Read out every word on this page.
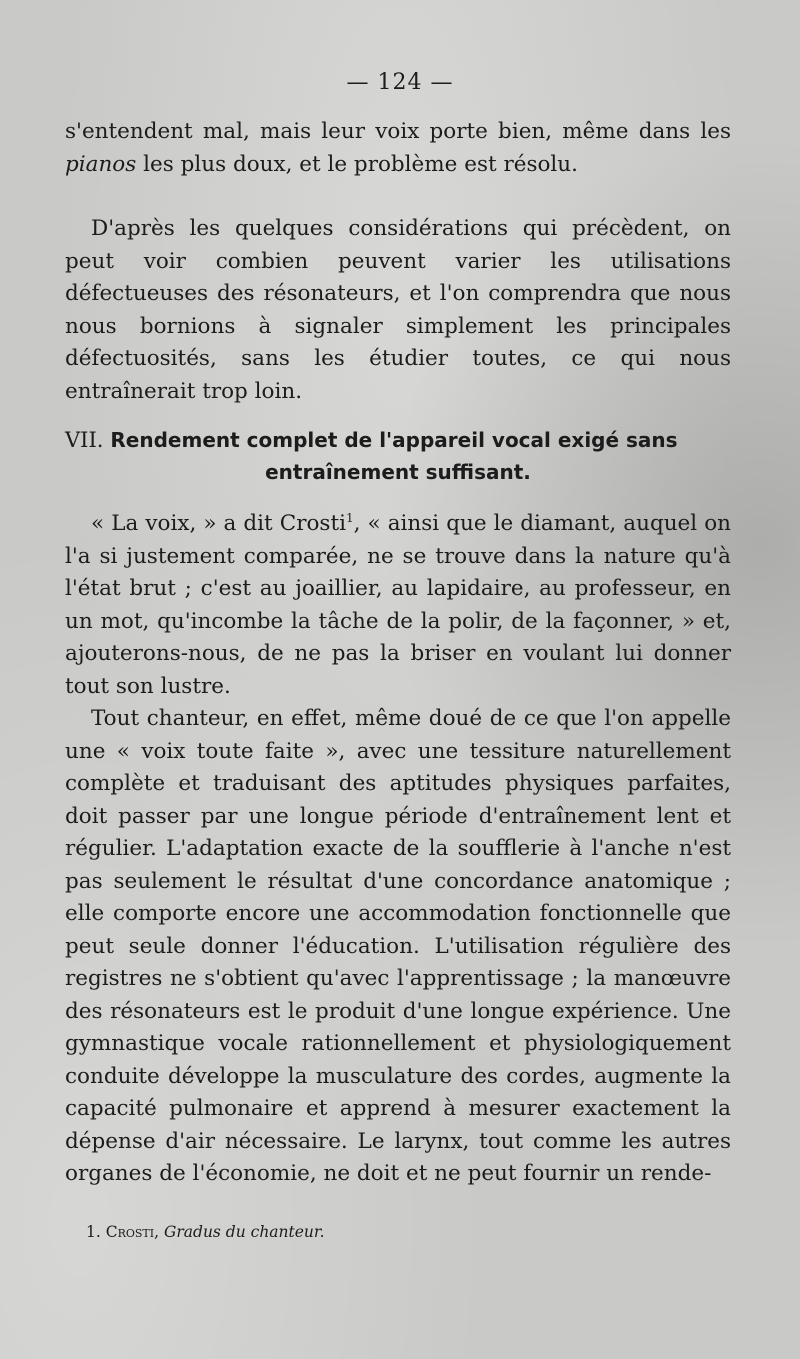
— 124 —

s'entendent mal, mais leur voix porte bien, même dans les pianos les plus doux, et le problème est résolu.

D'après les quelques considérations qui précèdent, on peut voir combien peuvent varier les utilisations défectueuses des résonateurs, et l'on comprendra que nous nous bornions à signaler simplement les principales défectuosités, sans les étudier toutes, ce qui nous entraînerait trop loin.

VII. Rendement complet de l'appareil vocal exigé sans
entraînement suffisant.

« La voix, » a dit Crosti$^1$, « ainsi que le diamant, auquel on l'a si justement comparée, ne se trouve dans la nature qu'à l'état brut ; c'est au joaillier, au lapidaire, au professeur, en un mot, qu'incombe la tâche de la polir, de la façonner, » et, ajouterons-nous, de ne pas la briser en voulant lui donner tout son lustre.

Tout chanteur, en effet, même doué de ce que l'on appelle une « voix toute faite », avec une tessiture naturellement complète et traduisant des aptitudes physiques parfaites, doit passer par une longue période d'entraînement lent et régulier. L'adaptation exacte de la soufflerie à l'anche n'est pas seulement le résultat d'une concordance anatomique ; elle comporte encore une accommodation fonctionnelle que peut seule donner l'éducation. L'utilisation régulière des registres ne s'obtient qu'avec l'apprentissage ; la manœuvre des résonateurs est le produit d'une longue expérience. Une gymnastique vocale rationnellement et physiologiquement conduite développe la musculature des cordes, augmente la capacité pulmonaire et apprend à mesurer exactement la dépense d'air nécessaire. Le larynx, tout comme les autres organes de l'économie, ne doit et ne peut fournir un rende-

1. Crosti, Gradus du chanteur.
